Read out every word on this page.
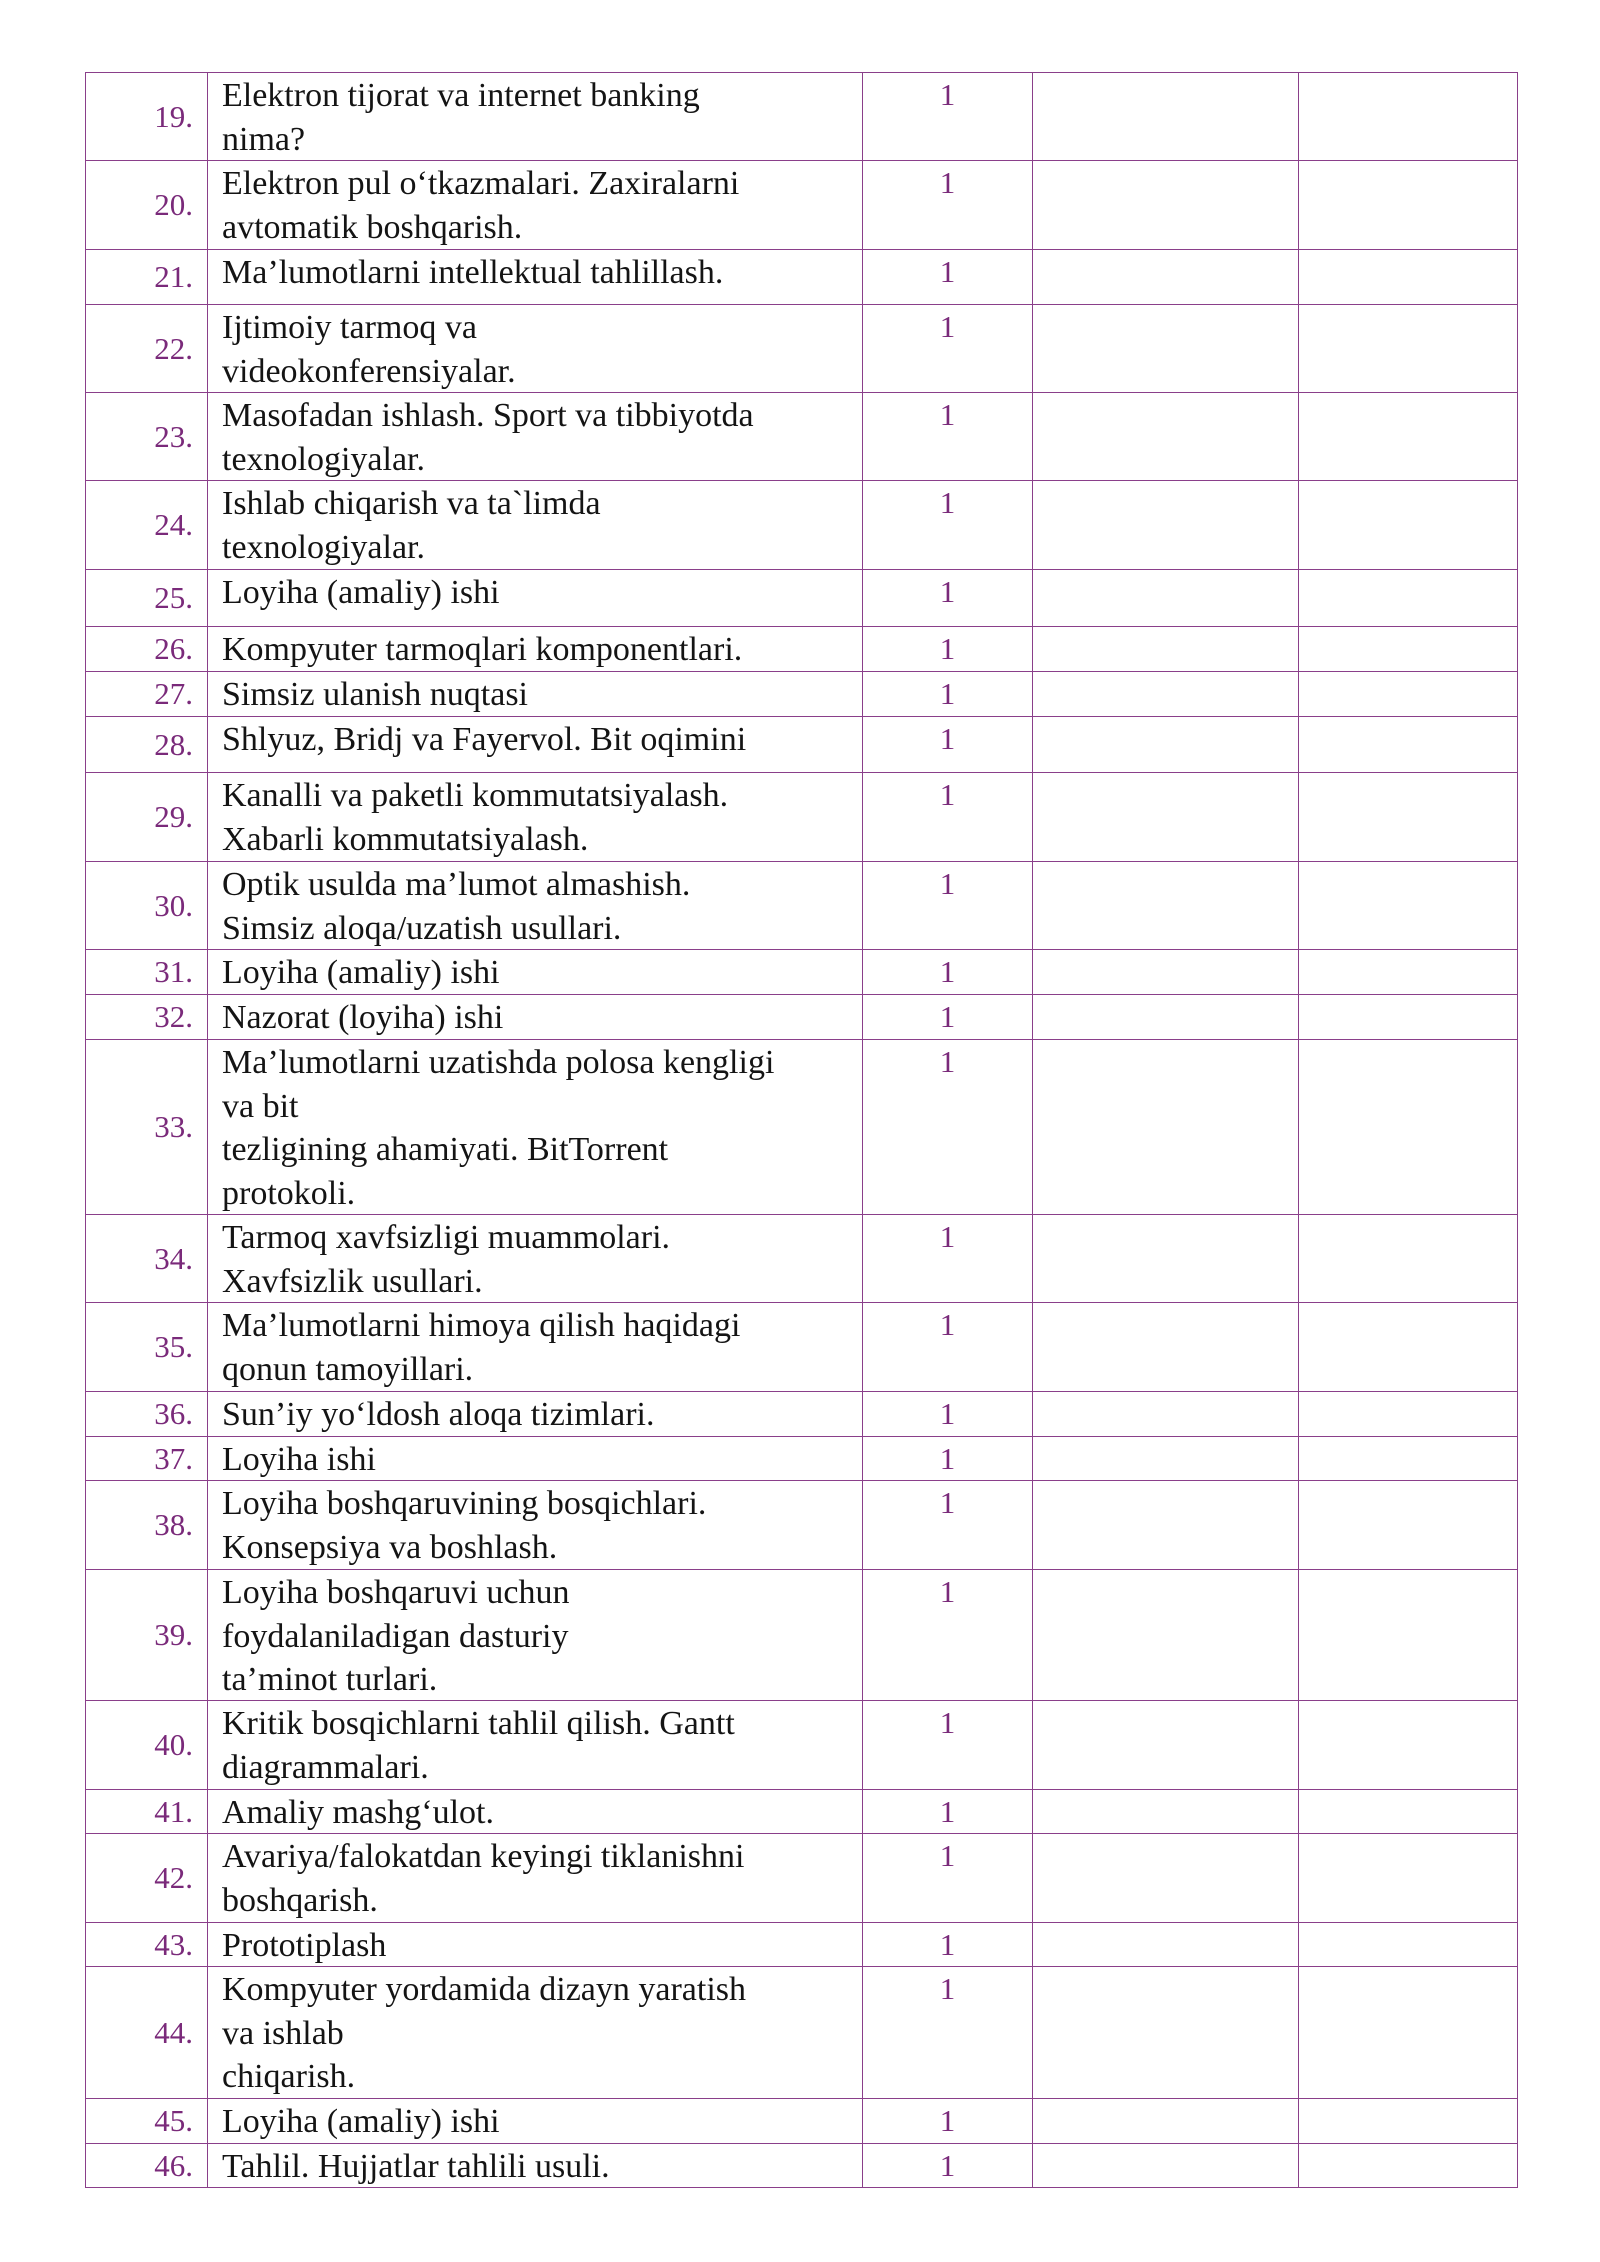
19.	Elektron tijorat va internet banking
nima?	1		
20.	Elektron pul o‘tkazmalari. Zaxiralarni
avtomatik boshqarish.	1		
21.	Ma’lumotlarni intellektual tahlillash.	1		
22.	Ijtimoiy tarmoq va
videokonferensiyalar.	1		
23.	Masofadan ishlash. Sport va tibbiyotda
texnologiyalar.	1		
24.	Ishlab chiqarish va ta`limda
texnologiyalar.	1		
25.	Loyiha (amaliy) ishi	1		
26.	Kompyuter tarmoqlari komponentlari.	1		
27.	Simsiz ulanish nuqtasi	1		
28.	Shlyuz, Bridj va Fayervol. Bit oqimini	1		
29.	Kanalli va paketli kommutatsiyalash.
Xabarli kommutatsiyalash.	1		
30.	Optik usulda ma’lumot almashish.
Simsiz aloqa/uzatish usullari.	1		
31.	Loyiha (amaliy) ishi	1		
32.	Nazorat (loyiha) ishi	1		
33.	Ma’lumotlarni uzatishda polosa kengligi
va bit
tezligining ahamiyati. BitTorrent
protokoli.	1		
34.	Tarmoq xavfsizligi muammolari.
Xavfsizlik usullari.	1		
35.	Ma’lumotlarni himoya qilish haqidagi
qonun tamoyillari.	1		
36.	Sun’iy yo‘ldosh aloqa tizimlari.	1		
37.	Loyiha ishi	1		
38.	Loyiha boshqaruvining bosqichlari.
Konsepsiya va boshlash.	1		
39.	Loyiha boshqaruvi uchun
foydalaniladigan dasturiy
ta’minot turlari.	1		
40.	Kritik bosqichlarni tahlil qilish. Gantt
diagrammalari.	1		
41.	Amaliy mashg‘ulot.	1		
42.	Avariya/falokatdan keyingi tiklanishni
boshqarish.	1		
43.	Prototiplash	1		
44.	Kompyuter yordamida dizayn yaratish
va ishlab
chiqarish.	1		
45.	Loyiha (amaliy) ishi	1		
46.	Tahlil. Hujjatlar tahlili usuli.	1		
